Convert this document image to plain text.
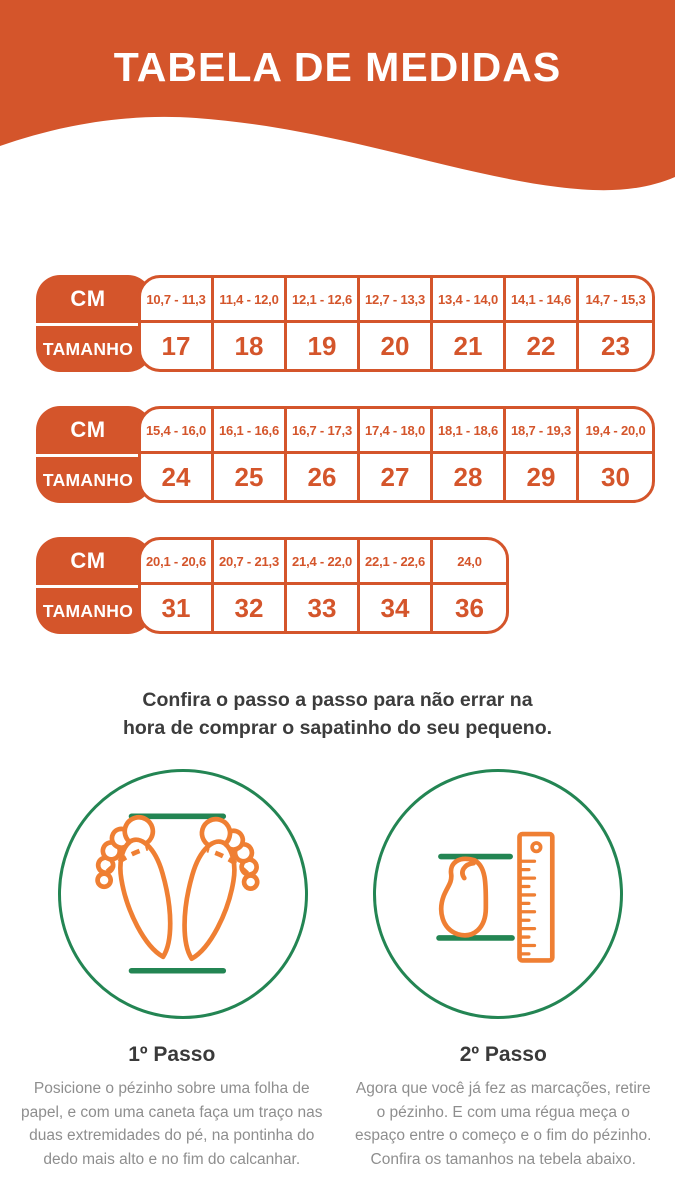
TABELA DE MEDIDAS
CM
TAMANHO
10,7 - 11,3	11,4 - 12,0	12,1 - 12,6	12,7 - 13,3	13,4 - 14,0	14,1 - 14,6	14,7 - 15,3
17	18	19	20	21	22	23
CM
TAMANHO
15,4 - 16,0	16,1 - 16,6	16,7 - 17,3	17,4 - 18,0	18,1 - 18,6	18,7 - 19,3	19,4 - 20,0
24	25	26	27	28	29	30
CM
TAMANHO
20,1 - 20,6	20,7 - 21,3	21,4 - 22,0	22,1 - 22,6	24,0
31	32	33	34	36
Confira o passo a passo para não errar na
hora de comprar o sapatinho do seu pequeno.
1º Passo
Posicione o pézinho sobre uma folha de papel, e com uma caneta faça um traço nas duas extremidades do pé, na pontinha do dedo mais alto e no fim do calcanhar.
2º Passo
Agora que você já fez as marcações, retire o pézinho. E com uma régua meça o espaço entre o começo e o fim do pézinho. Confira os tamanhos na tebela abaixo.
